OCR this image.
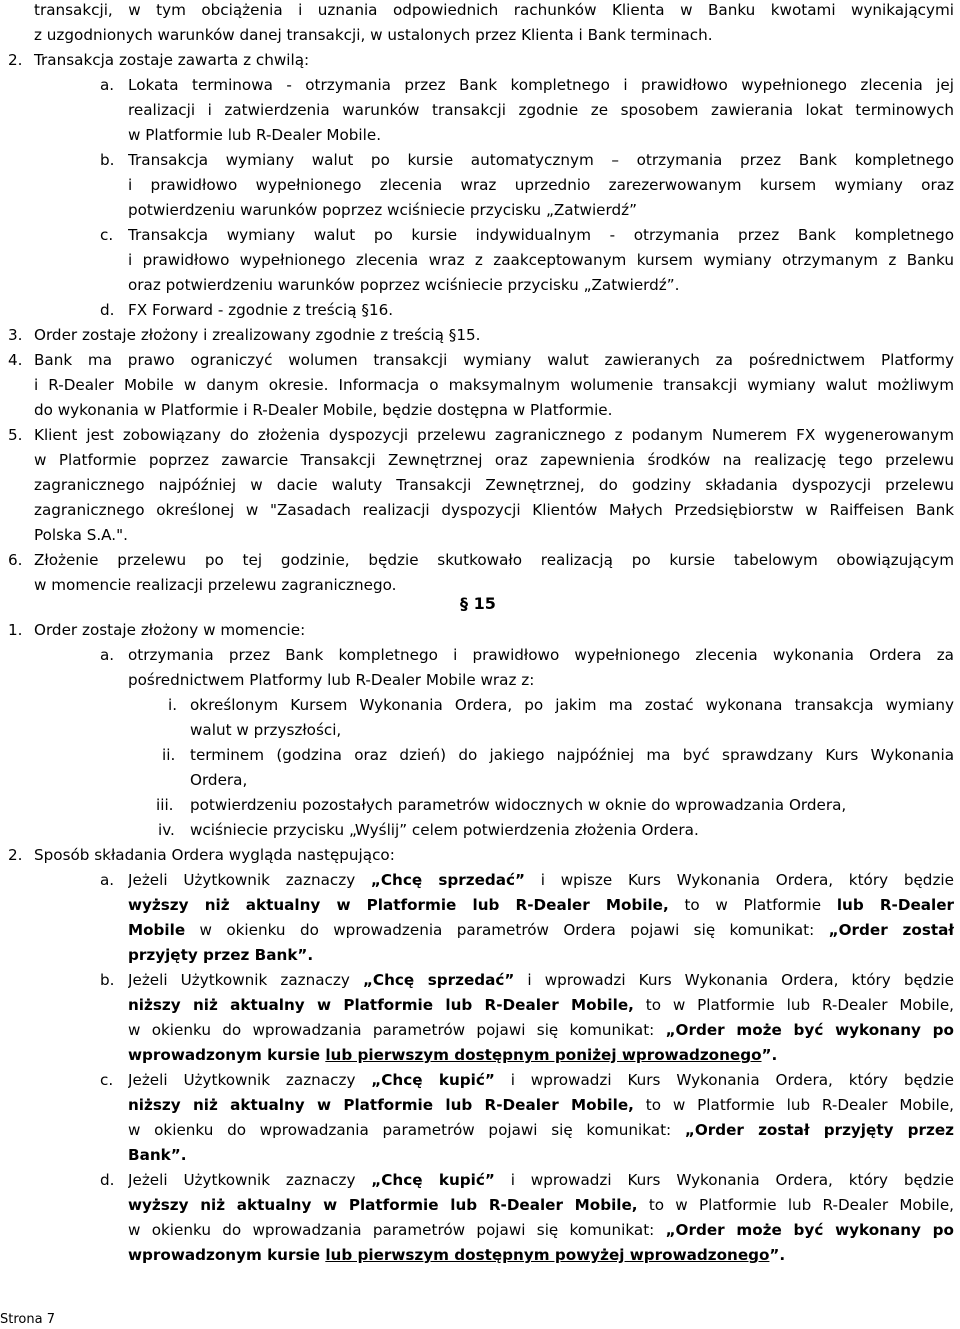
transakcji, w tym obciążenia i uznania odpowiednich rachunków Klienta w Banku kwotami wynikającymi
z uzgodnionych warunków danej transakcji, w ustalonych przez Klienta i Bank terminach.
2. Transakcja zostaje zawarta z chwilą:
a. Lokata terminowa - otrzymania przez Bank kompletnego i prawidłowo wypełnionego zlecenia jej
realizacji i zatwierdzenia warunków transakcji zgodnie ze sposobem zawierania lokat terminowych
w Platformie lub R-Dealer Mobile.
b. Transakcja wymiany walut po kursie automatycznym – otrzymania przez Bank kompletnego
i prawidłowo wypełnionego zlecenia wraz uprzednio zarezerwowanym kursem wymiany oraz
potwierdzeniu warunków poprzez wciśniecie przycisku „Zatwierdź”
c. Transakcja wymiany walut po kursie indywidualnym - otrzymania przez Bank kompletnego
i prawidłowo wypełnionego zlecenia wraz z zaakceptowanym kursem wymiany otrzymanym z Banku
oraz potwierdzeniu warunków poprzez wciśniecie przycisku „Zatwierdź”.
d. FX Forward - zgodnie z treścią §16.
3. Order zostaje złożony i zrealizowany zgodnie z treścią §15.
4. Bank ma prawo ograniczyć wolumen transakcji wymiany walut zawieranych za pośrednictwem Platformy
i R-Dealer Mobile w danym okresie. Informacja o maksymalnym wolumenie transakcji wymiany walut możliwym
do wykonania w Platformie i R-Dealer Mobile, będzie dostępna w Platformie.
5. Klient jest zobowiązany do złożenia dyspozycji przelewu zagranicznego z podanym Numerem FX wygenerowanym
w Platformie poprzez zawarcie Transakcji Zewnętrznej oraz zapewnienia środków na realizację tego przelewu
zagranicznego najpóźniej w dacie waluty Transakcji Zewnętrznej, do godziny składania dyspozycji przelewu
zagranicznego określonej w "Zasadach realizacji dyspozycji Klientów Małych Przedsiębiorstw w Raiffeisen Bank
Polska S.A.".
6. Złożenie przelewu po tej godzinie, będzie skutkowało realizacją po kursie tabelowym obowiązującym
w momencie realizacji przelewu zagranicznego.
§ 15
1. Order zostaje złożony w momencie:
a. otrzymania przez Bank kompletnego i prawidłowo wypełnionego zlecenia wykonania Ordera za
pośrednictwem Platformy lub R-Dealer Mobile wraz z:
i. określonym Kursem Wykonania Ordera, po jakim ma zostać wykonana transakcja wymiany
walut w przyszłości,
ii. terminem (godzina oraz dzień) do jakiego najpóźniej ma być sprawdzany Kurs Wykonania
Ordera,
iii. potwierdzeniu pozostałych parametrów widocznych w oknie do wprowadzania Ordera,
iv. wciśniecie przycisku „Wyślij” celem potwierdzenia złożenia Ordera.
2. Sposób składania Ordera wygląda następująco:
a. Jeżeli Użytkownik zaznaczy „Chcę sprzedać” i wpisze Kurs Wykonania Ordera, który będzie
wyższy niż aktualny w Platformie lub R-Dealer Mobile, to w Platformie lub R-Dealer
Mobile w okienku do wprowadzenia parametrów Ordera pojawi się komunikat: „Order został
przyjęty przez Bank”.
b. Jeżeli Użytkownik zaznaczy „Chcę sprzedać” i wprowadzi Kurs Wykonania Ordera, który będzie
niższy niż aktualny w Platformie lub R-Dealer Mobile, to w Platformie lub R-Dealer Mobile,
w okienku do wprowadzania parametrów pojawi się komunikat: „Order może być wykonany po
wprowadzonym kursie lub pierwszym dostępnym poniżej wprowadzonego”.
c. Jeżeli Użytkownik zaznaczy „Chcę kupić” i wprowadzi Kurs Wykonania Ordera, który będzie
niższy niż aktualny w Platformie lub R-Dealer Mobile, to w Platformie lub R-Dealer Mobile,
w okienku do wprowadzania parametrów pojawi się komunikat: „Order został przyjęty przez
Bank”.
d. Jeżeli Użytkownik zaznaczy „Chcę kupić” i wprowadzi Kurs Wykonania Ordera, który będzie
wyższy niż aktualny w Platformie lub R-Dealer Mobile, to w Platformie lub R-Dealer Mobile,
w okienku do wprowadzania parametrów pojawi się komunikat: „Order może być wykonany po
wprowadzonym kursie lub pierwszym dostępnym powyżej wprowadzonego”.
Strona 7
